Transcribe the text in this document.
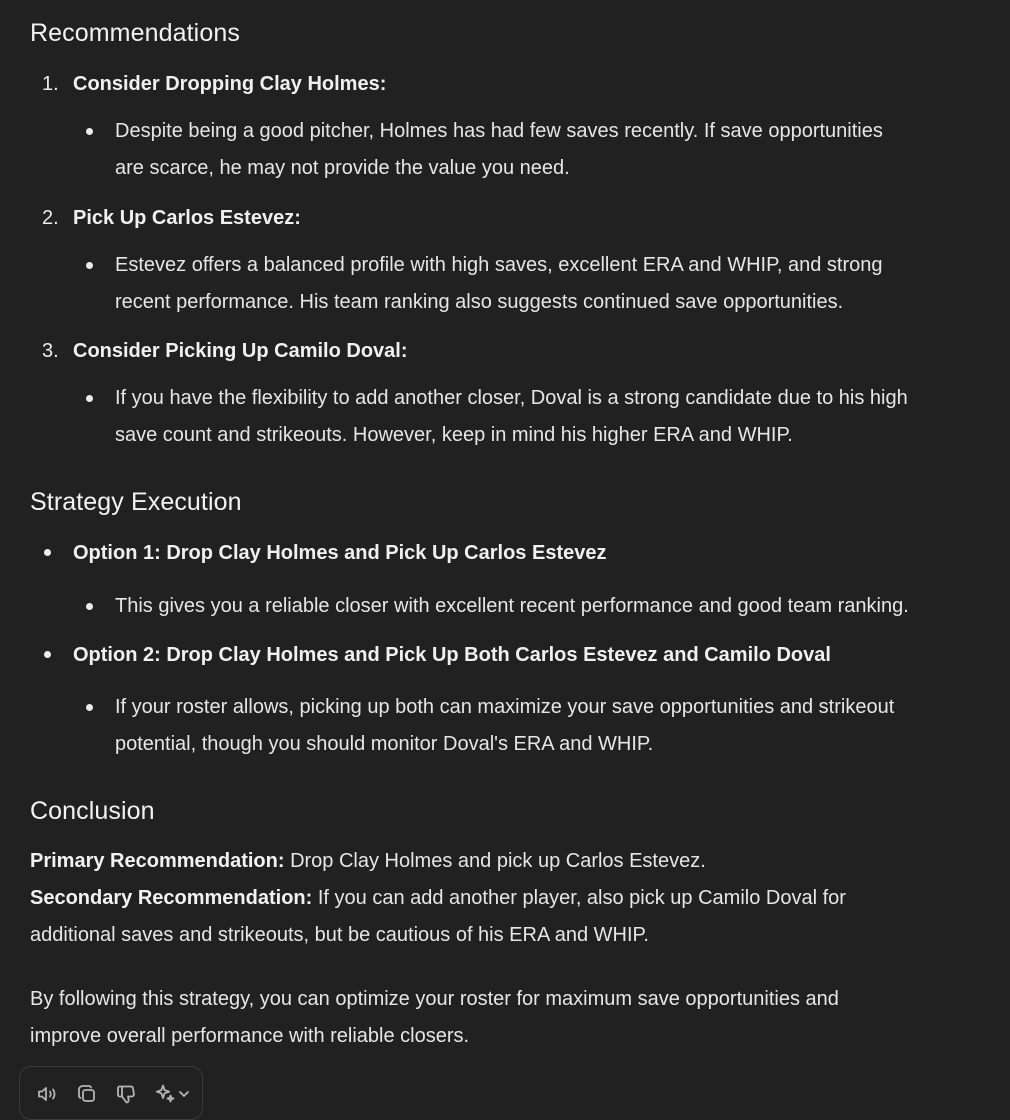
Recommendations
1. Consider Dropping Clay Holmes:
Despite being a good pitcher, Holmes has had few saves recently. If save opportunities
are scarce, he may not provide the value you need.
2. Pick Up Carlos Estevez:
Estevez offers a balanced profile with high saves, excellent ERA and WHIP, and strong
recent performance. His team ranking also suggests continued save opportunities.
3. Consider Picking Up Camilo Doval:
If you have the flexibility to add another closer, Doval is a strong candidate due to his high
save count and strikeouts. However, keep in mind his higher ERA and WHIP.
Strategy Execution
Option 1: Drop Clay Holmes and Pick Up Carlos Estevez
This gives you a reliable closer with excellent recent performance and good team ranking.
Option 2: Drop Clay Holmes and Pick Up Both Carlos Estevez and Camilo Doval
If your roster allows, picking up both can maximize your save opportunities and strikeout
potential, though you should monitor Doval's ERA and WHIP.
Conclusion
Primary Recommendation: Drop Clay Holmes and pick up Carlos Estevez.
Secondary Recommendation: If you can add another player, also pick up Camilo Doval for
additional saves and strikeouts, but be cautious of his ERA and WHIP.
By following this strategy, you can optimize your roster for maximum save opportunities and
improve overall performance with reliable closers.
